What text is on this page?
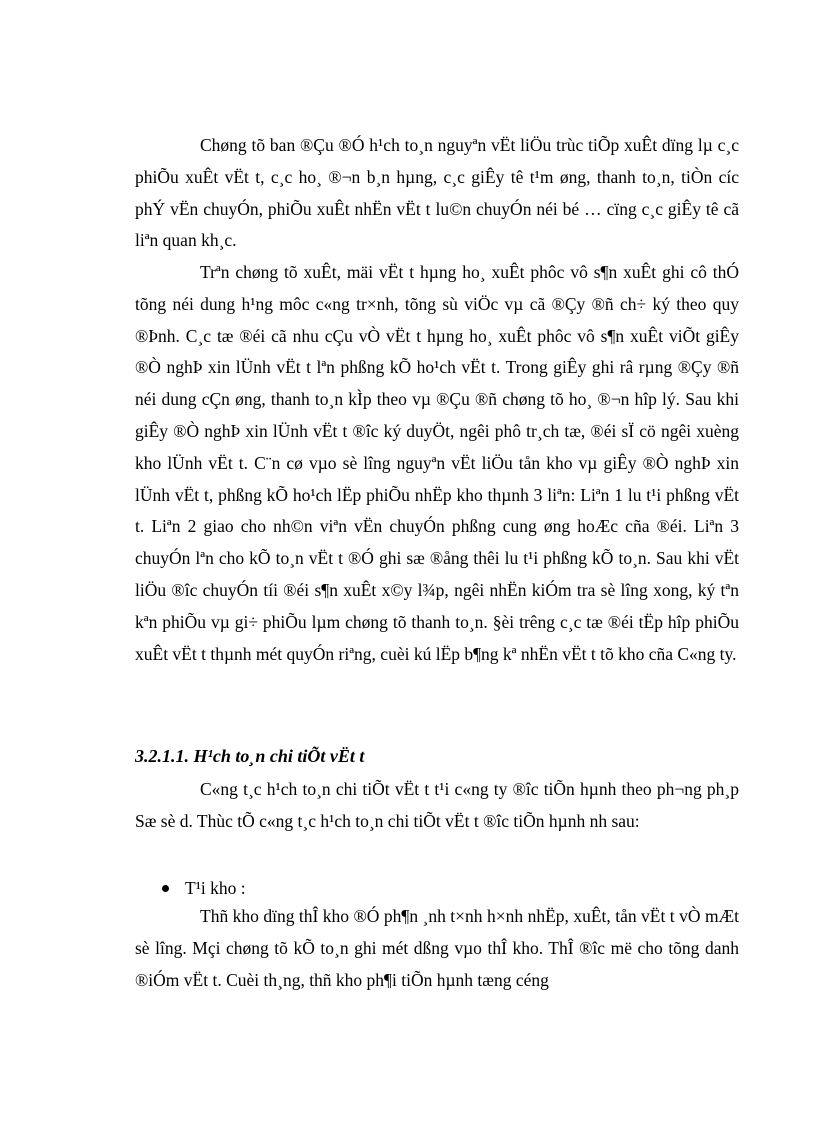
Chøng tõ ban ®Çu ®Ó h¹ch to¸n nguyªn vËt liÖu trùc tiÕp xuÊt dïng lµ c¸c phiÕu xuÊt vËt t, c¸c ho¸ ®¬n b¸n hµng, c¸c giÊy tê t¹m øng, thanh to¸n, tiÒn cíc phÝ vËn chuyÓn, phiÕu xuÊt nhËn vËt t lu©n chuyÓn néi bé … cïng c¸c giÊy tê cã liªn quan kh¸c.

Trªn chøng tõ xuÊt, mäi vËt t hµng ho¸ xuÊt phôc vô s¶n xuÊt ghi cô thÓ tõng néi dung h¹ng môc c«ng tr×nh, tõng sù viÖc vµ cã ®Çy ®ñ ch÷ ký theo quy ®Þnh. C¸c tæ ®éi cã nhu cÇu vÒ vËt t hµng ho¸ xuÊt phôc vô s¶n xuÊt viÕt giÊy ®Ò nghÞ xin lÜnh vËt t lªn phßng kÕ ho¹ch vËt t. Trong giÊy ghi râ rµng ®Çy ®ñ néi dung cÇn øng, thanh to¸n kÌp theo vµ ®Çu ®ñ chøng tõ ho¸ ®¬n hîp lý. Sau khi giÊy ®Ò nghÞ xin lÜnh vËt t ®îc ký duyÖt, ngêi phô tr¸ch tæ, ®éi sÏ cö ngêi xuèng kho lÜnh vËt t. C¨n cø vµo sè lîng nguyªn vËt liÖu tån kho vµ giÊy ®Ò nghÞ xin lÜnh vËt t, phßng kÕ ho¹ch lËp phiÕu nhËp kho thµnh 3 liªn: Liªn 1 lu t¹i phßng vËt t. Liªn 2 giao cho nh©n viªn vËn chuyÓn phßng cung øng hoÆc cña ®éi. Liªn 3 chuyÓn lªn cho kÕ to¸n vËt t ®Ó ghi sæ ®ång thêi lu t¹i phßng kÕ to¸n. Sau khi vËt liÖu ®îc chuyÓn tíi ®éi s¶n xuÊt x©y l¾p, ngêi nhËn kiÓm tra sè lîng xong, ký tªn kªn phiÕu vµ gi÷ phiÕu lµm chøng tõ thanh to¸n. §èi trêng c¸c tæ ®éi tËp hîp phiÕu xuÊt vËt t thµnh mét quyÓn riªng, cuèi kú lËp b¶ng kª nhËn vËt t tõ kho cña C«ng ty.

3.2.1.1. H¹ch to¸n chi tiÕt vËt t

C«ng t¸c h¹ch to¸n chi tiÕt vËt t t¹i c«ng ty ®îc tiÕn hµnh theo ph¬ng ph¸p Sæ sè d. Thùc tÕ c«ng t¸c h¹ch to¸n chi tiÕt vËt t ®îc tiÕn hµnh nh sau:

T¹i kho :

Thñ kho dïng thÎ kho ®Ó ph¶n ¸nh t×nh h×nh nhËp, xuÊt, tån vËt t vÒ mÆt sè lîng. Mçi chøng tõ kÕ to¸n ghi mét dßng vµo thÎ kho. ThÎ ®îc më cho tõng danh ®iÓm vËt t. Cuèi th¸ng, thñ kho ph¶i tiÕn hµnh tæng céng
